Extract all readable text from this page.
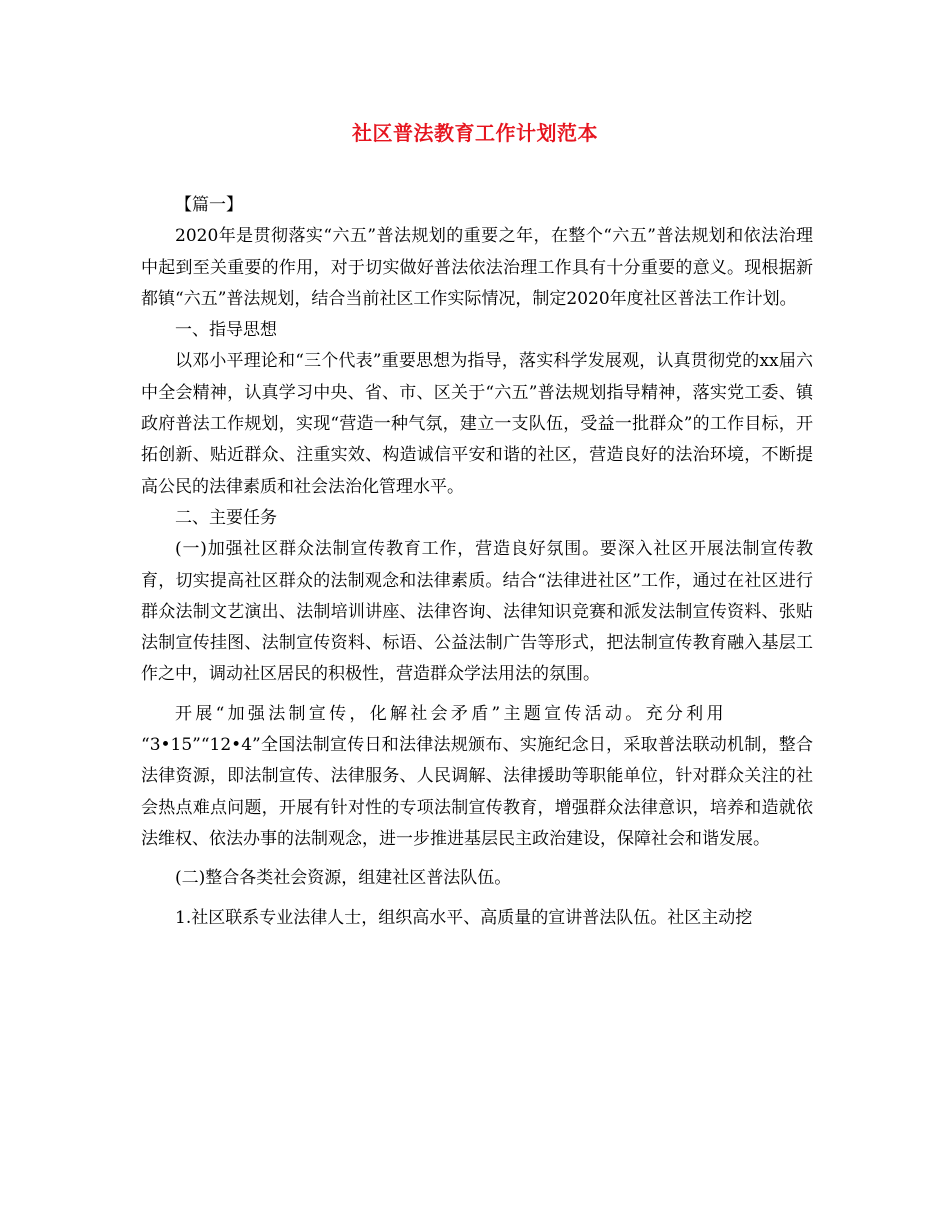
社区普法教育工作计划范本

【篇一】

2020年是贯彻落实“六五”普法规划的重要之年，在整个“六五”普法规划和依法治理中起到至关重要的作用，对于切实做好普法依法治理工作具有十分重要的意义。现根据新都镇“六五”普法规划，结合当前社区工作实际情况，制定2020年度社区普法工作计划。

一、指导思想

以邓小平理论和“三个代表”重要思想为指导，落实科学发展观，认真贯彻党的xx届六中全会精神，认真学习中央、省、市、区关于“六五”普法规划指导精神，落实党工委、镇政府普法工作规划，实现“营造一种气氛，建立一支队伍，受益一批群众”的工作目标，开拓创新、贴近群众、注重实效、构造诚信平安和谐的社区，营造良好的法治环境，不断提高公民的法律素质和社会法治化管理水平。

二、主要任务

(一)加强社区群众法制宣传教育工作，营造良好氛围。要深入社区开展法制宣传教育，切实提高社区群众的法制观念和法律素质。结合“法律进社区”工作，通过在社区进行群众法制文艺演出、法制培训讲座、法律咨询、法律知识竞赛和派发法制宣传资料、张贴法制宣传挂图、法制宣传资料、标语、公益法制广告等形式，把法制宣传教育融入基层工作之中，调动社区居民的积极性，营造群众学法用法的氛围。

开展“加强法制宣传，化解社会矛盾”主题宣传活动。充分利用

“3•15”“12•4”全国法制宣传日和法律法规颁布、实施纪念日，采取普法联动机制，整合法律资源，即法制宣传、法律服务、人民调解、法律援助等职能单位，针对群众关注的社会热点难点问题，开展有针对性的专项法制宣传教育，增强群众法律意识，培养和造就依法维权、依法办事的法制观念，进一步推进基层民主政治建设，保障社会和谐发展。

(二)整合各类社会资源，组建社区普法队伍。

1.社区联系专业法律人士，组织高水平、高质量的宣讲普法队伍。社区主动挖
